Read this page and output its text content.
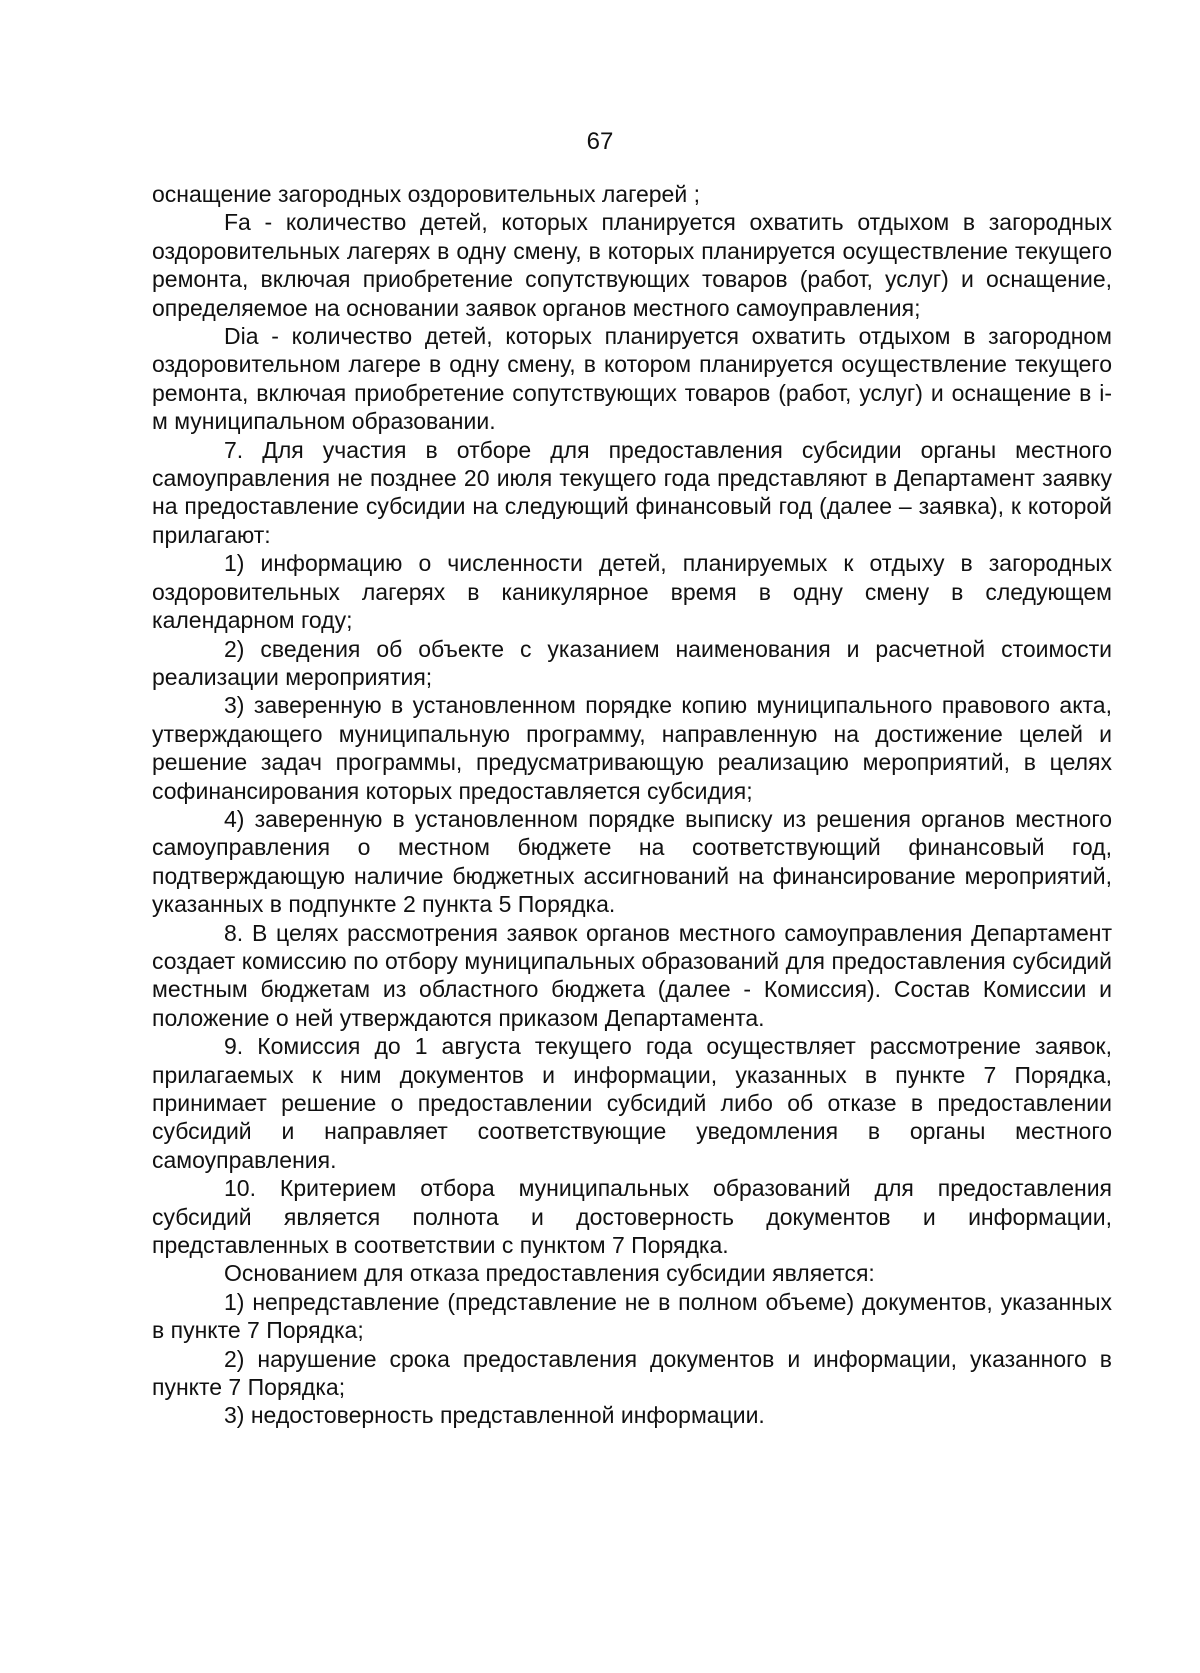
67

оснащение загородных оздоровительных лагерей ;

Fa - количество детей, которых планируется охватить отдыхом в загородных оздоровительных лагерях в одну смену, в которых планируется осуществление текущего ремонта, включая приобретение сопутствующих товаров (работ, услуг) и оснащение, определяемое на основании заявок органов местного самоуправления;

Dia - количество детей, которых планируется охватить отдыхом в загородном оздоровительном лагере в одну смену, в котором планируется осуществление текущего ремонта, включая приобретение сопутствующих товаров (работ, услуг) и оснащение в i-м муниципальном образовании.

7. Для участия в отборе для предоставления субсидии органы местного самоуправления не позднее 20 июля текущего года представляют в Департамент заявку на предоставление субсидии на следующий финансовый год (далее – заявка), к которой прилагают:

1) информацию о численности детей, планируемых к отдыху в загородных оздоровительных лагерях в каникулярное время в одну смену в следующем календарном году;

2) сведения об объекте с указанием наименования и расчетной стоимости реализации мероприятия;

3) заверенную в установленном порядке копию муниципального правового акта, утверждающего муниципальную программу, направленную на достижение целей и решение задач программы, предусматривающую реализацию мероприятий, в целях софинансирования которых предоставляется субсидия;

4) заверенную в установленном порядке выписку из решения органов местного самоуправления о местном бюджете на соответствующий финансовый год, подтверждающую наличие бюджетных ассигнований на финансирование мероприятий, указанных в подпункте 2 пункта 5 Порядка.

8. В целях рассмотрения заявок органов местного самоуправления Департамент создает комиссию по отбору муниципальных образований для предоставления субсидий местным бюджетам из областного бюджета (далее - Комиссия). Состав Комиссии и положение о ней утверждаются приказом Департамента.

9. Комиссия до 1 августа текущего года осуществляет рассмотрение заявок, прилагаемых к ним документов и информации, указанных в пункте 7 Порядка, принимает решение о предоставлении субсидий либо об отказе в предоставлении субсидий и направляет соответствующие уведомления в органы местного самоуправления.

10. Критерием отбора муниципальных образований для предоставления субсидий является полнота и достоверность документов и информации, представленных в соответствии с пунктом 7 Порядка.

Основанием для отказа предоставления субсидии является:

1) непредставление (представление не в полном объеме) документов, указанных в пункте 7 Порядка;

2) нарушение срока предоставления документов и информации, указанного в пункте 7 Порядка;

3) недостоверность представленной информации.
